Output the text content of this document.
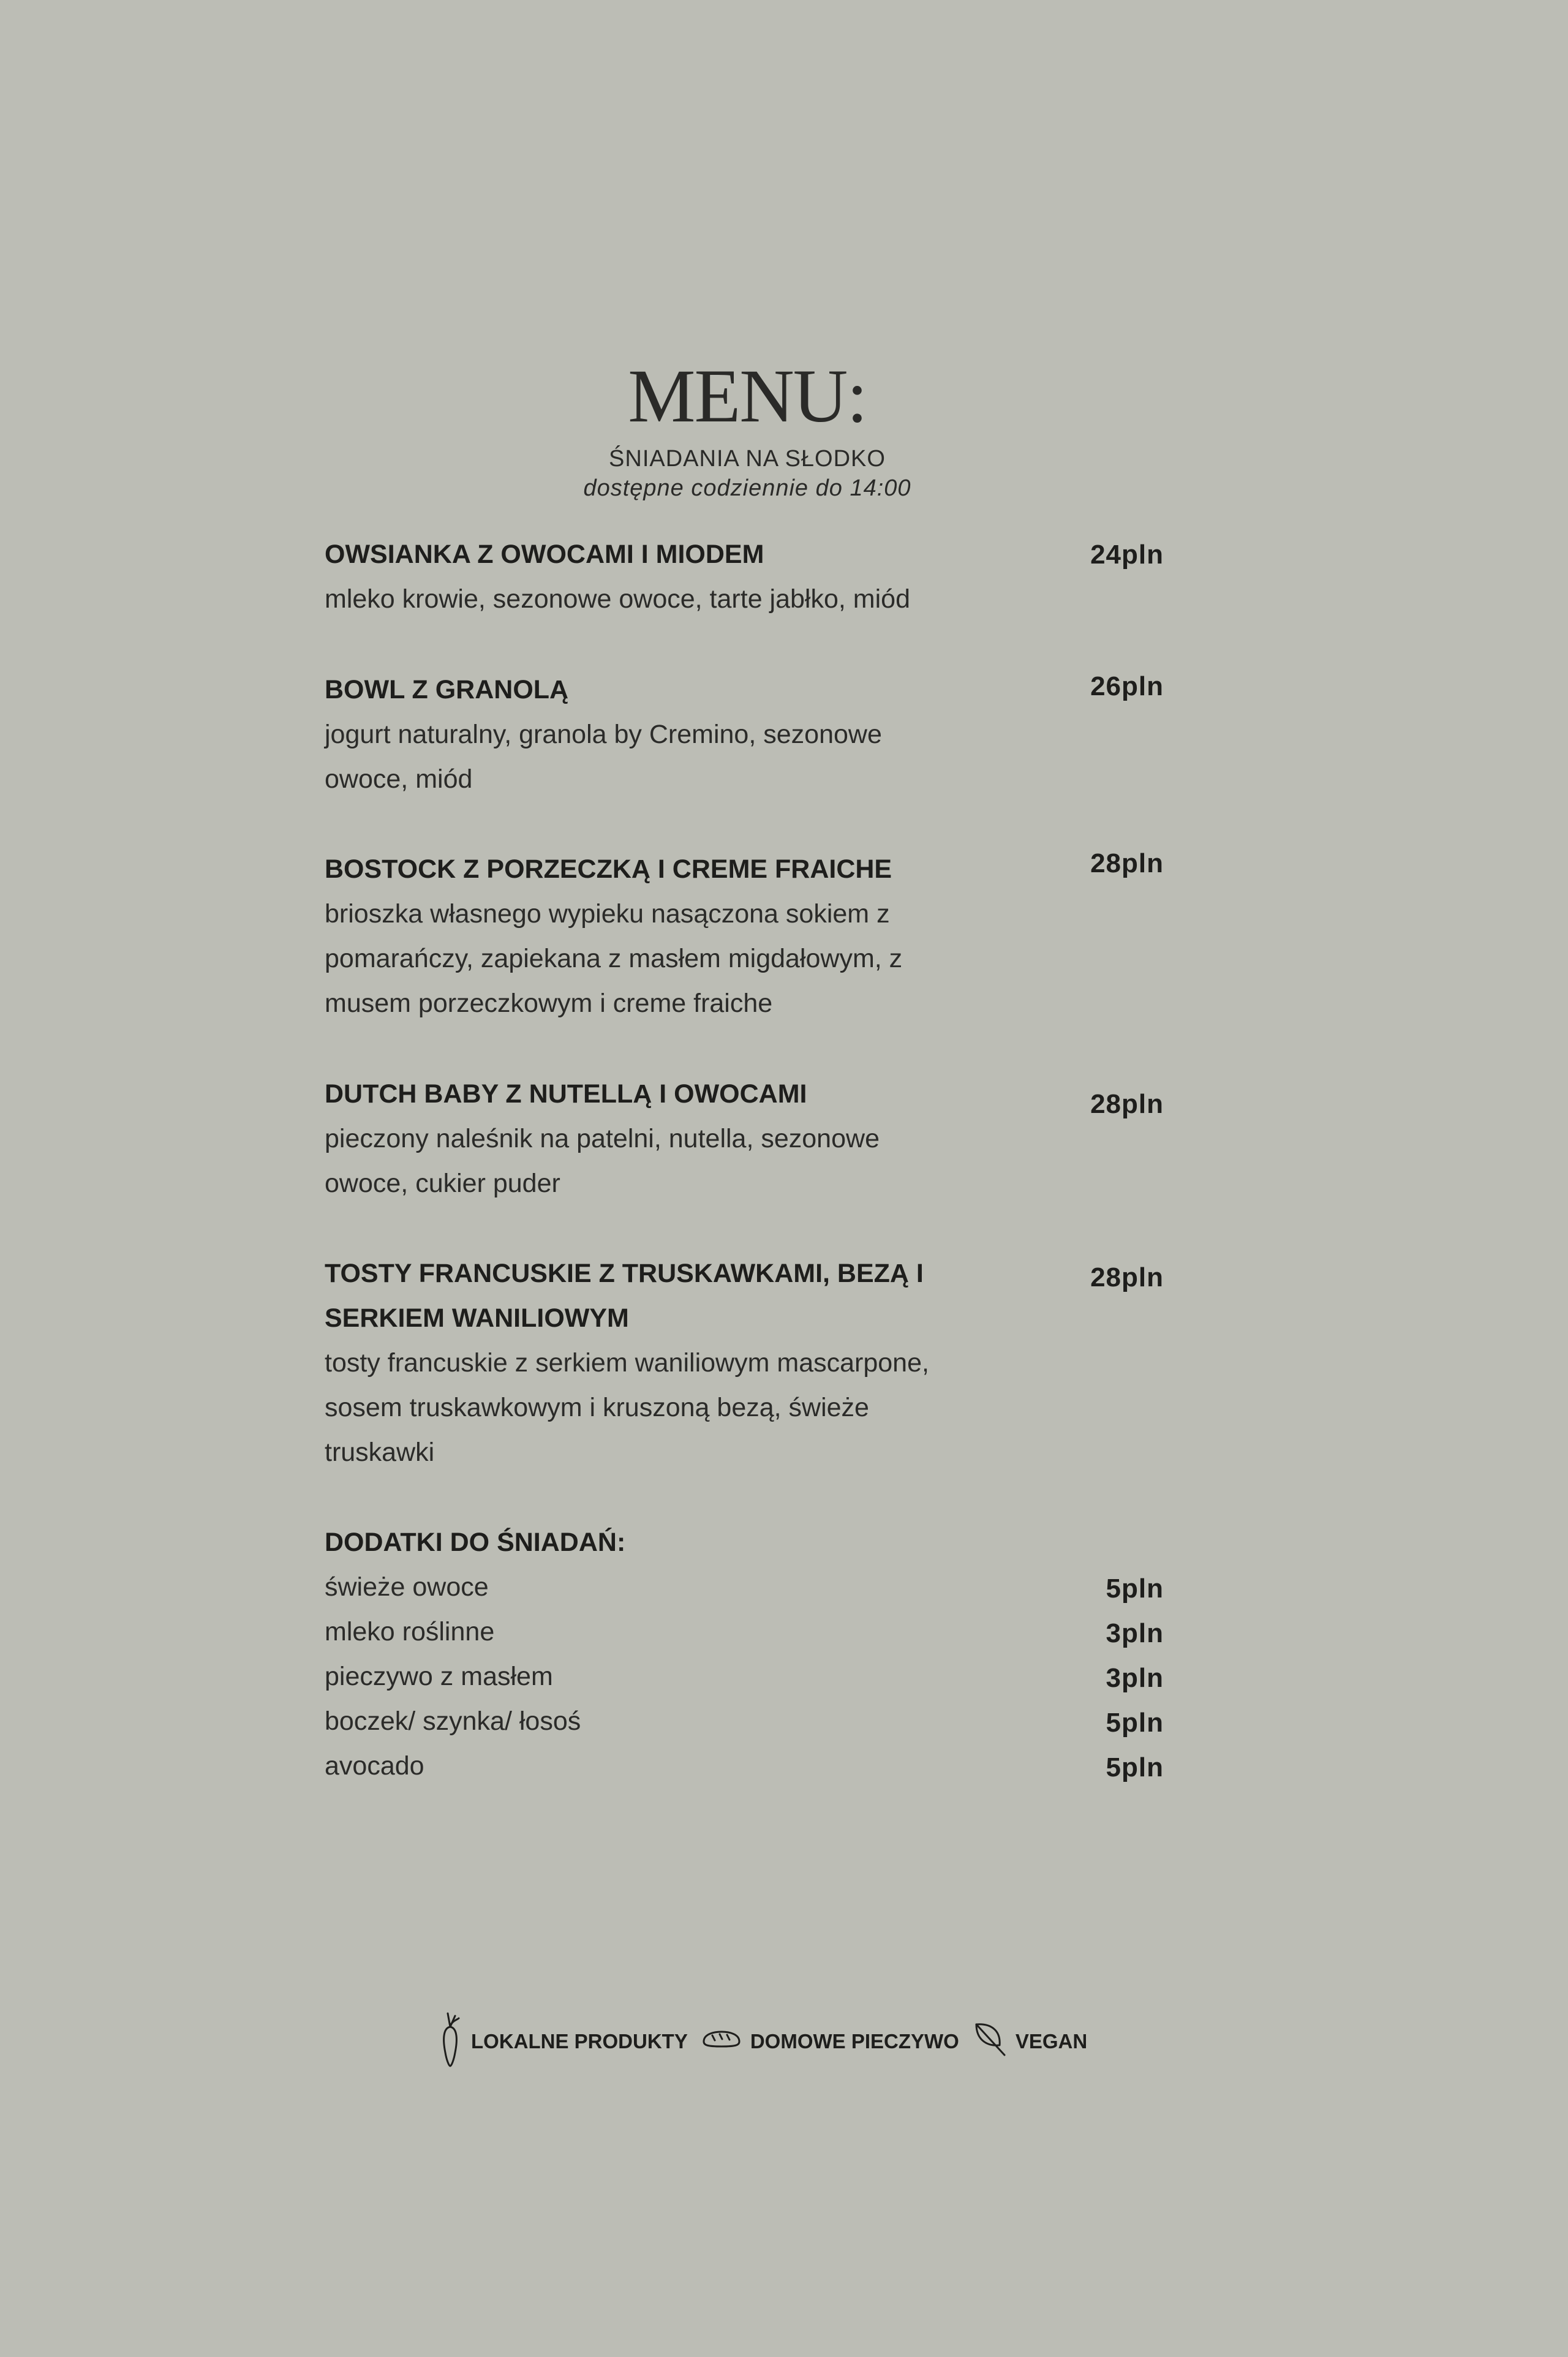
MENU:
ŚNIADANIA NA SŁODKO
dostępne codziennie do 14:00
24pln
OWSIANKA Z OWOCAMI I MIODEM
mleko krowie, sezonowe owoce, tarte jabłko, miód
26pln
BOWL Z GRANOLĄ
jogurt naturalny, granola by Cremino, sezonowe owoce, miód
28pln
BOSTOCK Z PORZECZKĄ I CREME FRAICHE
brioszka własnego wypieku nasączona sokiem z pomarańczy, zapiekana z masłem migdałowym, z musem porzeczkowym i creme fraiche
28pln
DUTCH BABY Z NUTELLĄ I OWOCAMI
pieczony naleśnik na patelni, nutella, sezonowe owoce, cukier puder
28pln
TOSTY FRANCUSKIE Z TRUSKAWKAMI, BEZĄ I SERKIEM WANILIOWYM
tosty francuskie z serkiem waniliowym mascarpone, sosem truskawkowym i kruszoną bezą, świeże truskawki
DODATKI DO ŚNIADAŃ:
świeże owoce	5pln
mleko roślinne	3pln
pieczywo z masłem	3pln
boczek/ szynka/ łosoś	5pln
avocado	5pln
LOKALNE PRODUKTY	DOMOWE PIECZYWO	VEGAN
